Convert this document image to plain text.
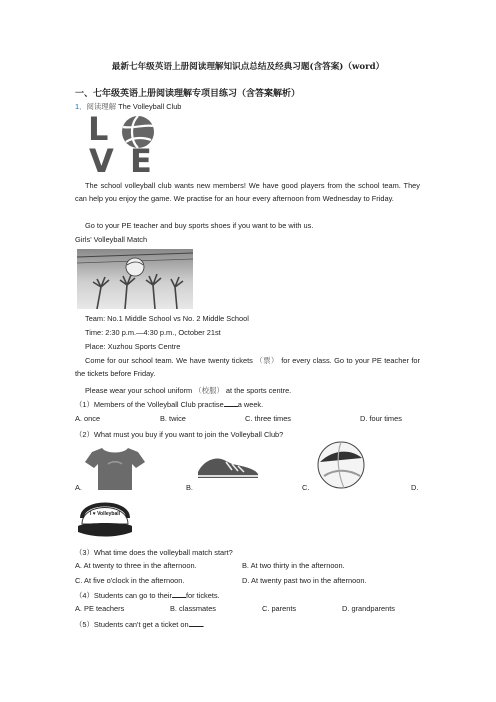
最新七年级英语上册阅读理解知识点总结及经典习题(含答案)（word）
一、七年级英语上册阅读理解专项目练习（含答案解析）
1．阅读理解 The Volleyball Club
L
V E
The school volleyball club wants new members! We have good players from the school team. They can help you enjoy the game. We practise for an hour every afternoon from Wednesday to Friday.
Go to your PE teacher and buy sports shoes if you want to be with us.
Girls' Volleyball Match
Team: No.1 Middle School vs No. 2 Middle School
Time: 2:30 p.m.—4:30 p.m., October 21st
Place: Xuzhou Sports Centre
Come for our school team. We have twenty tickets （票） for every class. Go to your PE teacher for the tickets before Friday.
Please wear your school uniform （校服） at the sports centre.
（1）Members of the Volleyball Club practise a week.
A. once	B. twice	C. three times	D. four times
（2）What must you buy if you want to join the Volleyball Club?
A.	B.	C.	D.
I ♥ Volleyball
（3）What time does the volleyball match start?
A. At twenty to three in the afternoon.	B. At two thirty in the afternoon.
C. At five o'clock in the afternoon.	D. At twenty past two in the afternoon.
（4）Students can go to their for tickets.
A. PE teachers	B. classmates	C. parents	D. grandparents
（5）Students can't get a ticket on .
